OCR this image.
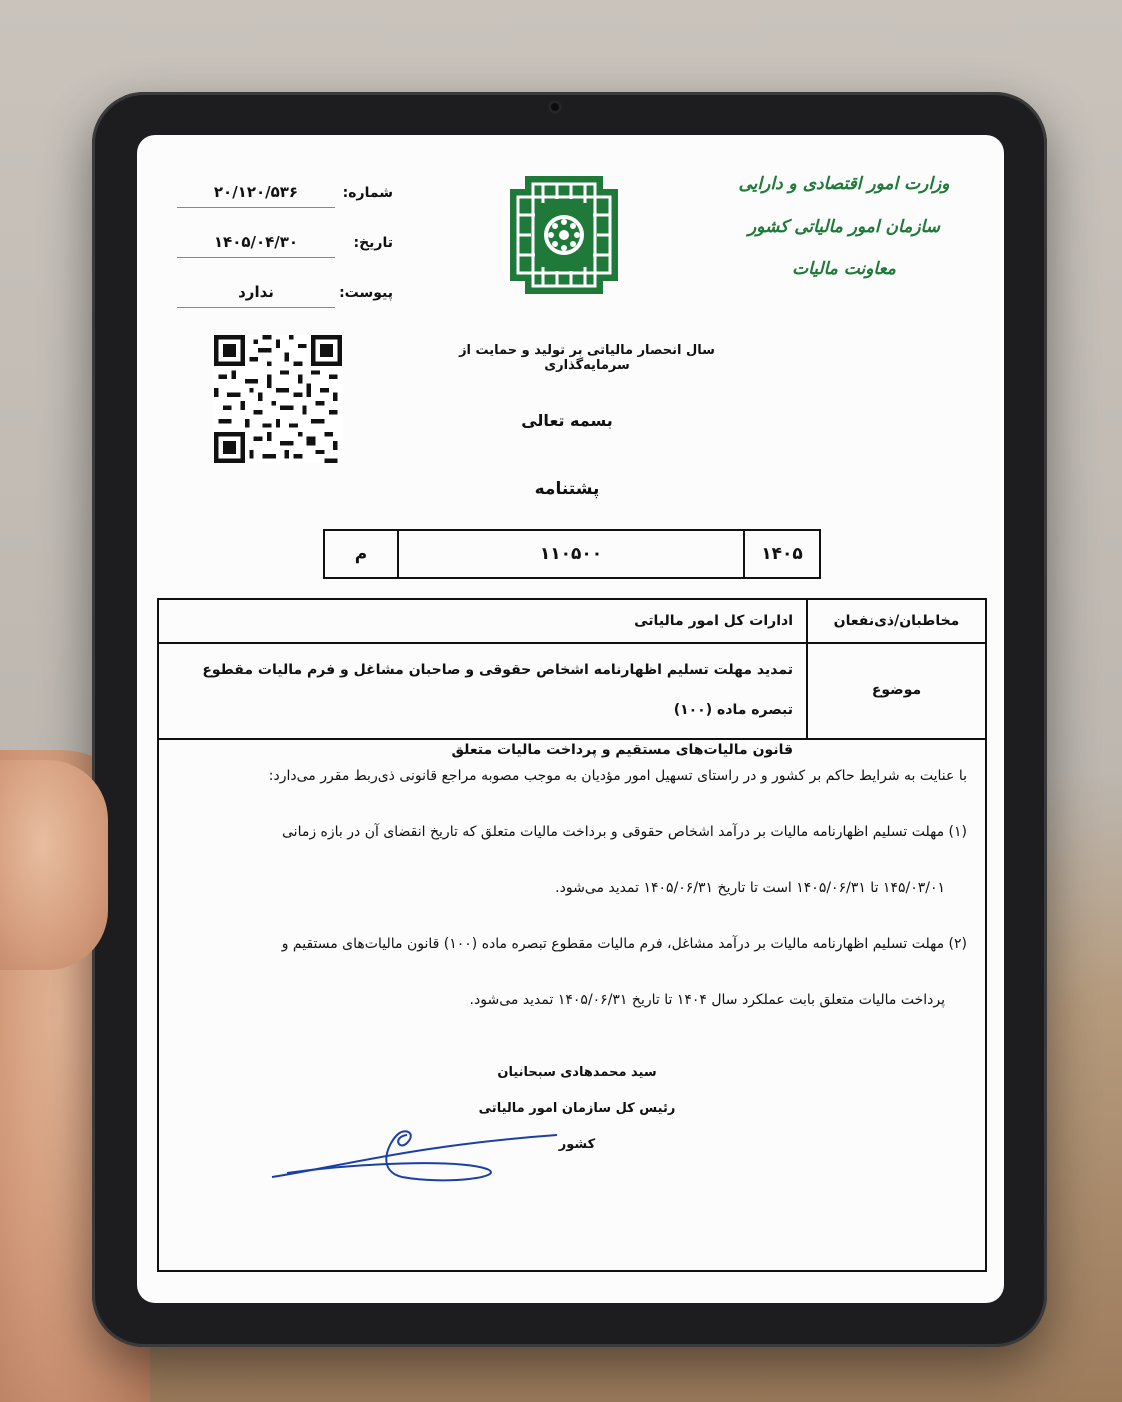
وزارت امور اقتصادی و دارایی
سازمان امور مالیاتی کشور
معاونت مالیات
شماره:
۲۰/۱۲۰/۵۳۶
تاریخ:
۱۴۰۵/۰۴/۳۰
پیوست:
ندارد
سال ‌انحصار مالیاتی بر تولید و حمایت از سرمایه‌گذاری
بسمه تعالی
پشتنامه
۱۴۰۵
۱۱۰۵۰۰
م
مخاطبان/ذی‌نفعان
ادارات کل امور مالیاتی
موضوع
تمدید مهلت تسلیم اظهارنامه اشخاص حقوقی و صاحبان مشاغل و فرم مالیات مقطوع تبصره ماده (۱۰۰)
قانون مالیات‌های مستقیم و پرداخت مالیات متعلق

با عنایت به شرایط حاکم بر کشور و در راستای تسهیل امور مؤدیان به موجب مصوبه مراجع قانونی ذی‌ربط مقرر می‌دارد:

(۱) مهلت تسلیم اظهارنامه مالیات بر درآمد اشخاص حقوقی و برداخت مالیات متعلق که تاریخ انقضای آن در بازه زمانی

۱۴۵/۰۳/۰۱ تا ۱۴۰۵/۰۶/۳۱ است تا تاریخ ۱۴۰۵/۰۶/۳۱ تمدید می‌شود.

(۲) مهلت تسلیم اظهارنامه مالیات بر درآمد مشاغل، فرم مالیات مقطوع تبصره ماده (۱۰۰) قانون مالیات‌های مستقیم و

پرداخت مالیات متعلق بابت عملکرد سال ۱۴۰۴ تا تاریخ ۱۴۰۵/۰۶/۳۱ تمدید می‌شود.

سید محمدهادی سبحانیان
رئیس کل سازمان امور مالیاتی کشور
